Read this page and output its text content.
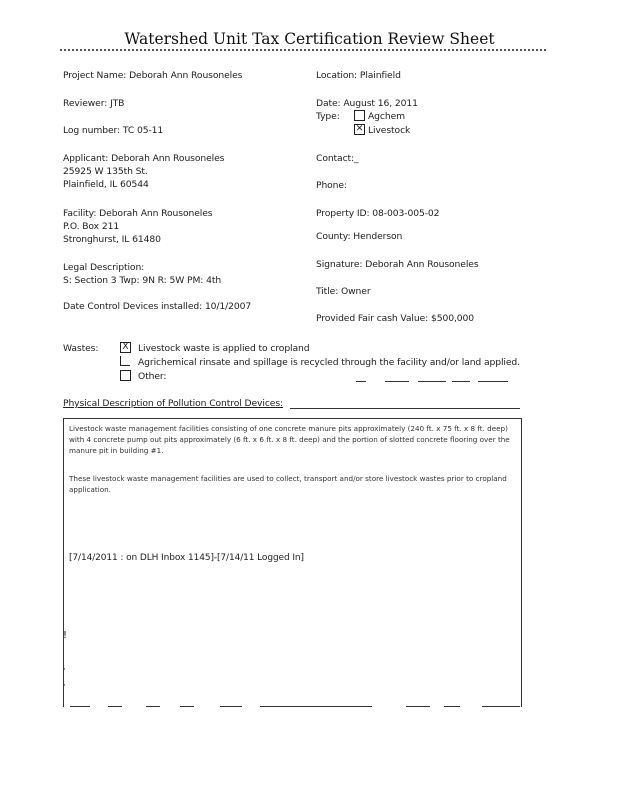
Watershed Unit Tax Certification Review Sheet
Project Name: Deborah Ann Rousoneles
Reviewer: JTB
Log number: TC 05-11
Applicant: Deborah Ann Rousoneles
25925 W 135th St.
Plainfield, IL 60544
Facility: Deborah Ann Rousoneles
P.O. Box 211
Stronghurst, IL 61480
Legal Description:
S: Section 3 Twp: 9N R: 5W PM: 4th
Date Control Devices installed: 10/1/2007
Location: Plainfield
Date: August 16, 2011
Type:	Agchem
✕ Livestock
Contact:_
Phone:
Property ID: 08-003-005-02
County: Henderson
Signature: Deborah Ann Rousoneles
Title: Owner
Provided Fair cash Value: $500,000
Wastes:	X Livestock waste is applied to cropland
Agrichemical rinsate and spillage is recycled through the facility and/or land applied.
Other:
Physical Description of Pollution Control Devices:
Livestock waste management facilities consisting of one concrete manure pits approximately (240 ft. x 75 ft. x 8 ft. deep)
with 4 concrete pump out pits approximately (6 ft. x 6 ft. x 8 ft. deep) and the portion of slotted concrete flooring over the
manure pit in building #1.
These livestock waste management facilities are used to collect, transport and/or store livestock wastes prior to cropland
application.
[7/14/2011 : on DLH Inbox 1145]-[7/14/11 Logged In]
!
·
·
